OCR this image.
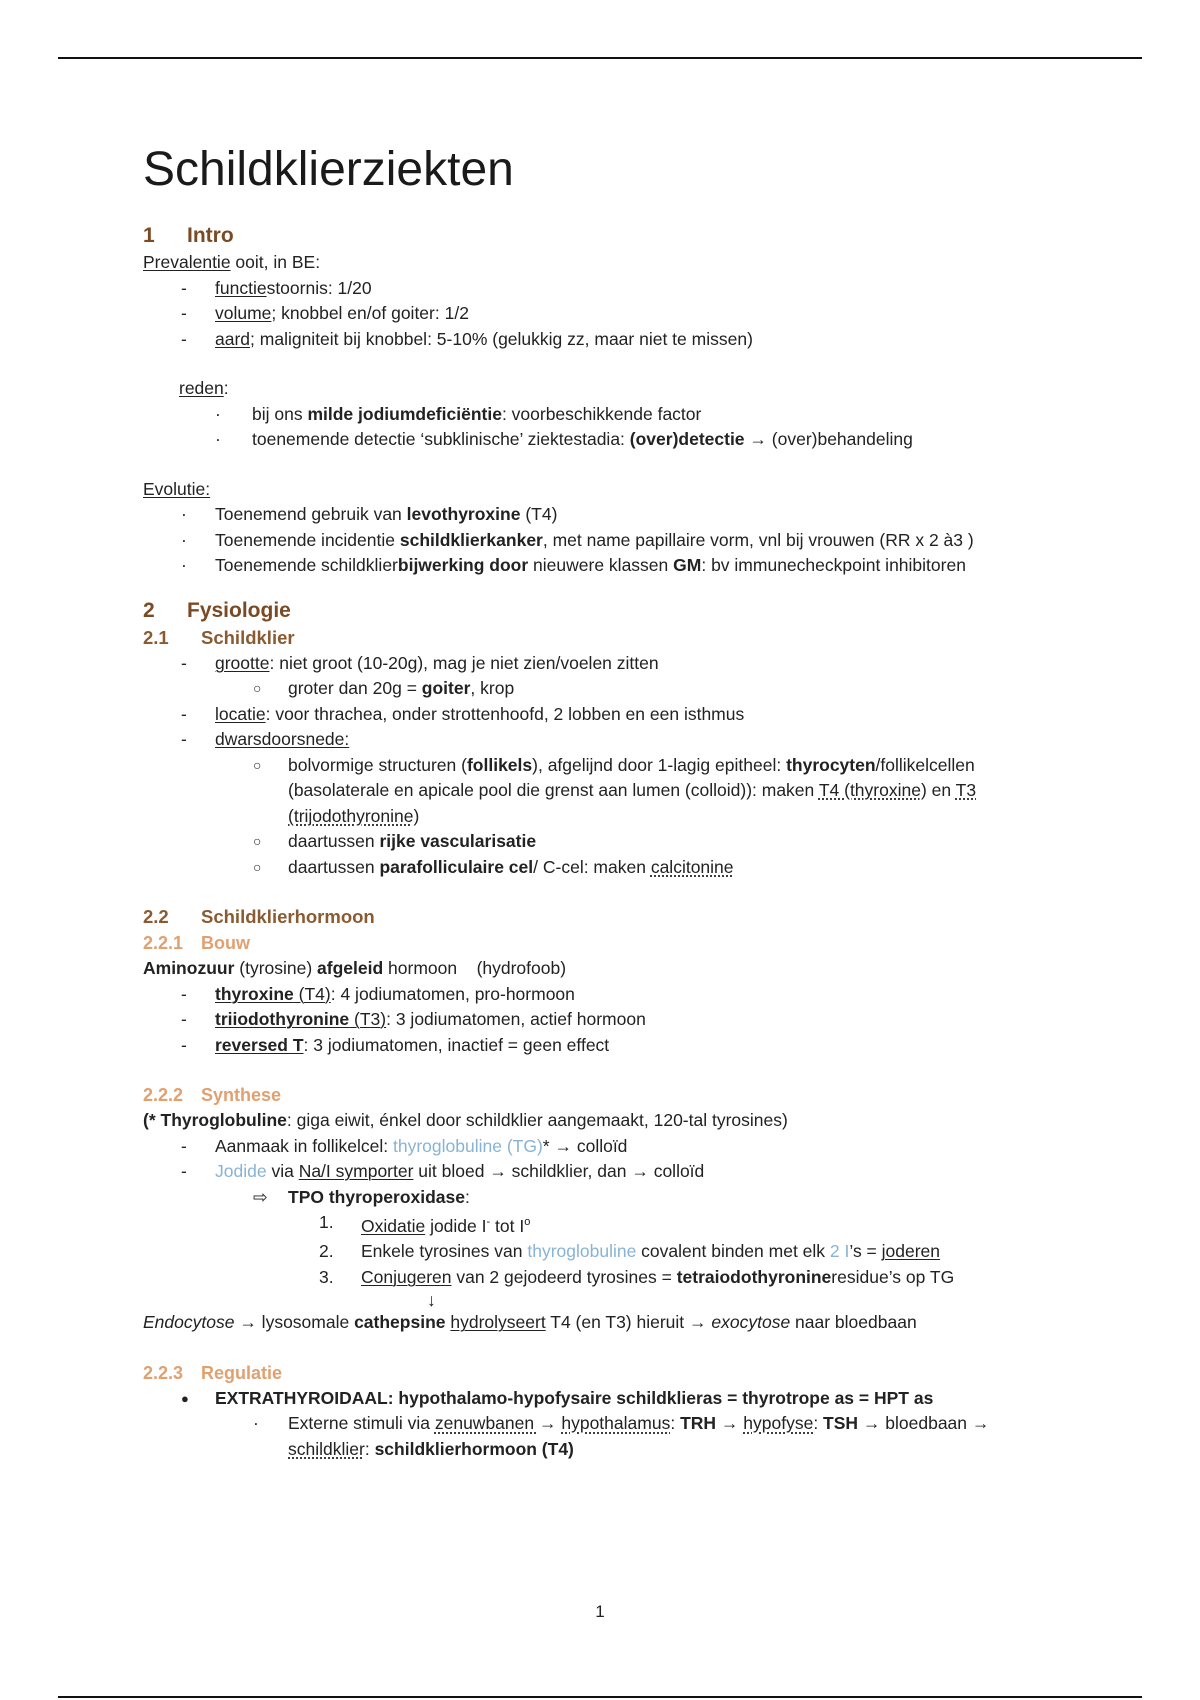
Schildklierziekten
1 Intro
Prevalentie ooit, in BE:
- functiestoornis: 1/20
- volume; knobbel en/of goiter: 1/2
- aard; maligniteit bij knobbel: 5-10% (gelukkig zz, maar niet te missen)
reden:
· bij ons milde jodiumdeficiëntie: voorbeschikkende factor
· toenemende detectie ‘subklinische’ ziektestadia: (over)detectie → (over)behandeling
Evolutie:
· Toenemend gebruik van levothyroxine (T4)
· Toenemende incidentie schildklierkanker, met name papillaire vorm, vnl bij vrouwen (RR x 2 à3 )
· Toenemende schildklierbijwerking door nieuwere klassen GM: bv immunecheckpoint inhibitoren
2 Fysiologie
2.1 Schildklier
- grootte: niet groot (10-20g), mag je niet zien/voelen zitten
○ groter dan 20g = goiter, krop
- locatie: voor thrachea, onder strottenhoofd, 2 lobben en een isthmus
- dwarsdoorsnede:
○ bolvormige structuren (follikels), afgelijnd door 1-lagig epitheel: thyrocyten/follikelcellen
(basolaterale en apicale pool die grenst aan lumen (colloid)): maken T4 (thyroxine) en T3
(trijodothyronine)
○ daartussen rijke vascularisatie
○ daartussen parafolliculaire cel/ C-cel: maken calcitonine
2.2 Schildklierhormoon
2.2.1 Bouw
Aminozuur (tyrosine) afgeleid hormoon    (hydrofoob)
- thyroxine (T4): 4 jodiumatomen, pro-hormoon
- triiodothyronine (T3): 3 jodiumatomen, actief hormoon
- reversed T: 3 jodiumatomen, inactief = geen effect
2.2.2 Synthese
(* Thyroglobuline: giga eiwit, énkel door schildklier aangemaakt, 120-tal tyrosines)
- Aanmaak in follikelcel: thyroglobuline (TG)* → colloïd
- Jodide via Na/I symporter uit bloed → schildklier, dan → colloïd
⇨ TPO thyroperoxidase:
1. Oxidatie jodide I- tot $I^o$
2. Enkele tyrosines van thyroglobuline covalent binden met elk 2 I’s = joderen
3. Conjugeren van 2 gejodeerd tyrosines = tetraiodothyronineresidue’s op TG
↓
Endocytose → lysosomale cathepsine hydrolyseert T4 (en T3) hieruit → exocytose naar bloedbaan
2.2.3 Regulatie
● EXTRATHYROIDAAL: hypothalamo-hypofysaire schildklieras = thyrotrope as = HPT as
· Externe stimuli via zenuwbanen → hypothalamus: TRH → hypofyse: TSH → bloedbaan →
schildklier: schildklierhormoon (T4)
1
